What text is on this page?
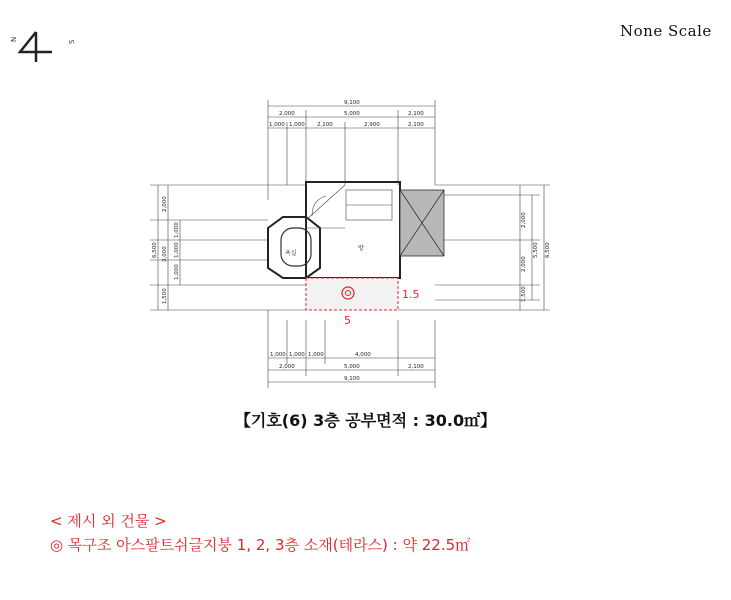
N	S
None Scale
욕실
방
1.5
5
9,100
2,000	5,000	2,100
1,000 1,000 2,100	2,900	2,100
1,000 1,000 1,000	4,000
2,000	5,000	2,100
9,100
6,500
2,000
3,000
1,500
1,000
1,000
1,000
2,000
2,000
1,500
5,500 6,500
【기호(6) 3층 공부면적 : 30.0㎡】
< 제시 외 건물 >
◎ 목구조 아스팔트쉬글지붕 1, 2, 3층 소재(테라스) : 약 22.5㎡
